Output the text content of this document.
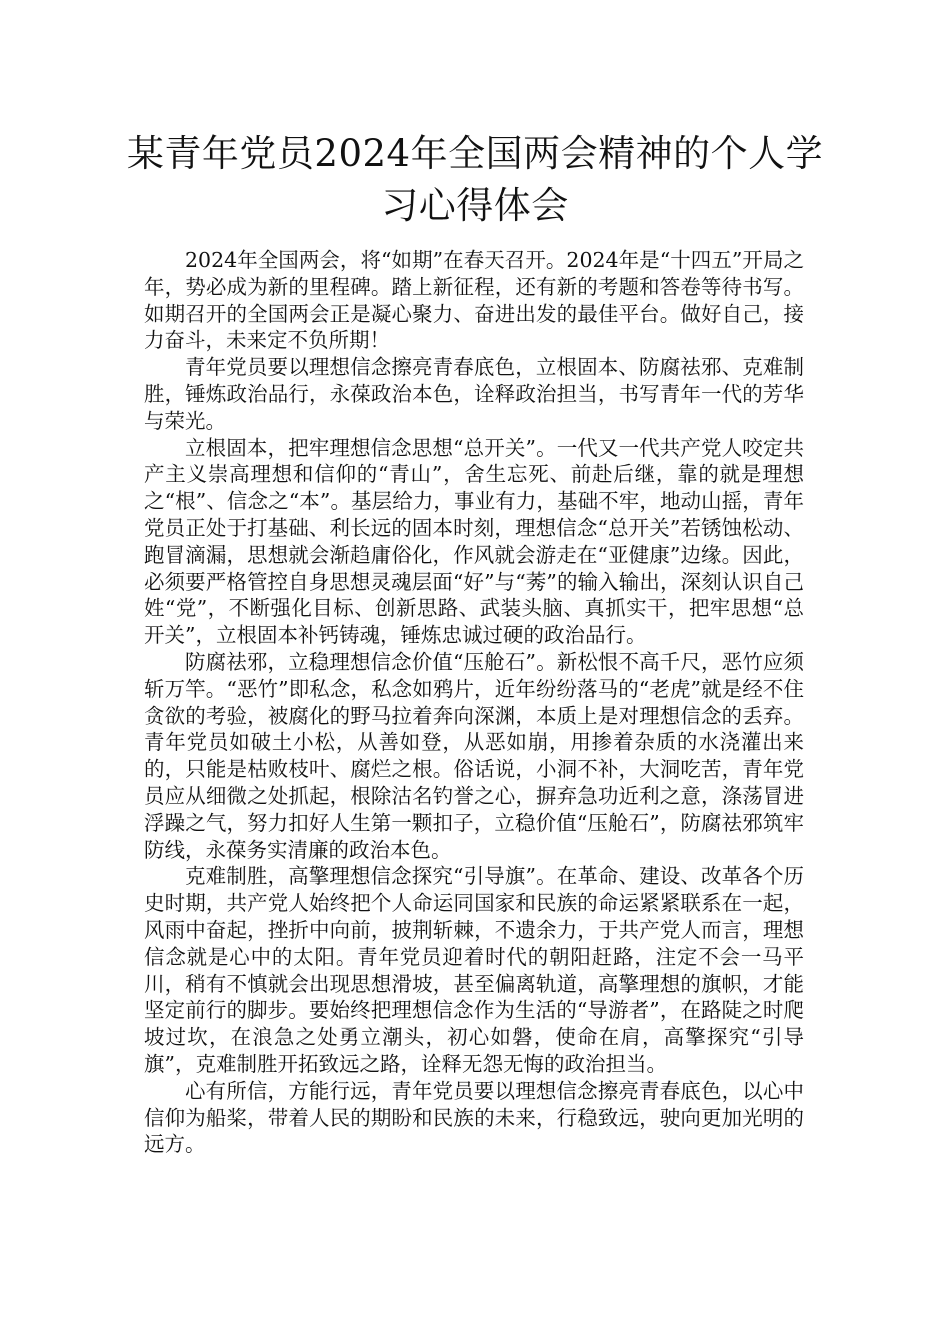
某青年党员2024年全国两会精神的个人学习心得体会

2024年全国两会，将“如期”在春天召开。2024年是“十四五”开局之年，势必成为新的里程碑。踏上新征程，还有新的考题和答卷等待书写。如期召开的全国两会正是凝心聚力、奋进出发的最佳平台。做好自己，接力奋斗，未来定不负所期！

青年党员要以理想信念擦亮青春底色，立根固本、防腐祛邪、克难制胜，锤炼政治品行，永葆政治本色，诠释政治担当，书写青年一代的芳华与荣光。

立根固本，把牢理想信念思想“总开关”。一代又一代共产党人咬定共产主义崇高理想和信仰的“青山”，舍生忘死、前赴后继，靠的就是理想之“根”、信念之“本”。基层给力，事业有力，基础不牢，地动山摇，青年党员正处于打基础、利长远的固本时刻，理想信念“总开关”若锈蚀松动、跑冒滴漏，思想就会渐趋庸俗化，作风就会游走在“亚健康”边缘。因此，必须要严格管控自身思想灵魂层面“好”与“莠”的输入输出，深刻认识自己姓“党”，不断强化目标、创新思路、武装头脑、真抓实干，把牢思想“总开关”，立根固本补钙铸魂，锤炼忠诚过硬的政治品行。

防腐祛邪，立稳理想信念价值“压舱石”。新松恨不高千尺，恶竹应须斩万竿。“恶竹”即私念，私念如鸦片，近年纷纷落马的“老虎”就是经不住贪欲的考验，被腐化的野马拉着奔向深渊，本质上是对理想信念的丢弃。青年党员如破土小松，从善如登，从恶如崩，用掺着杂质的水浇灌出来的，只能是枯败枝叶、腐烂之根。俗话说，小洞不补，大洞吃苦，青年党员应从细微之处抓起，根除沽名钓誉之心，摒弃急功近利之意，涤荡冒进浮躁之气，努力扣好人生第一颗扣子，立稳价值“压舱石”，防腐祛邪筑牢防线，永葆务实清廉的政治本色。

克难制胜，高擎理想信念探究“引导旗”。在革命、建设、改革各个历史时期，共产党人始终把个人命运同国家和民族的命运紧紧联系在一起，风雨中奋起，挫折中向前，披荆斩棘，不遗余力，于共产党人而言，理想信念就是心中的太阳。青年党员迎着时代的朝阳赶路，注定不会一马平川，稍有不慎就会出现思想滑坡，甚至偏离轨道，高擎理想的旗帜，才能坚定前行的脚步。要始终把理想信念作为生活的“导游者”，在路陡之时爬坡过坎，在浪急之处勇立潮头，初心如磐，使命在肩，高擎探究“引导旗”，克难制胜开拓致远之路，诠释无怨无悔的政治担当。

心有所信，方能行远，青年党员要以理想信念擦亮青春底色，以心中信仰为船桨，带着人民的期盼和民族的未来，行稳致远，驶向更加光明的远方。
